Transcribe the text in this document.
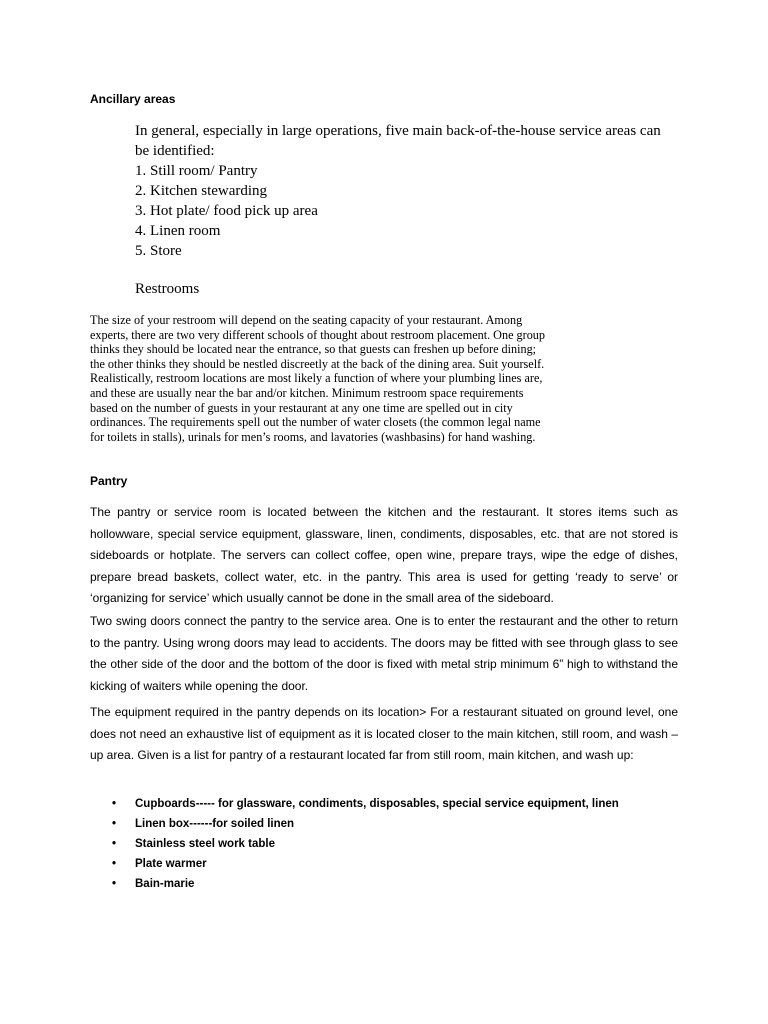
Ancillary areas

In general, especially in large operations, five main back-of-the-house service areas can be identified:

1. Still room/ Pantry
2. Kitchen stewarding
3. Hot plate/ food pick up area
4. Linen room
5. Store
Restrooms

The size of your restroom will depend on the seating capacity of your restaurant. Among experts, there are two very different schools of thought about restroom placement. One group thinks they should be located near the entrance, so that guests can freshen up before dining; the other thinks they should be nestled discreetly at the back of the dining area. Suit yourself. Realistically, restroom locations are most likely a function of where your plumbing lines are, and these are usually near the bar and/or kitchen. Minimum restroom space requirements based on the number of guests in your restaurant at any one time are spelled out in city ordinances. The requirements spell out the number of water closets (the common legal name for toilets in stalls), urinals for men’s rooms, and lavatories (washbasins) for hand washing.

Pantry

The pantry or service room is located between the kitchen and the restaurant. It stores items such as hollowware, special service equipment, glassware, linen, condiments, disposables, etc. that are not stored is sideboards or hotplate. The servers can collect coffee, open wine, prepare trays, wipe the edge of dishes, prepare bread baskets, collect water, etc. in the pantry. This area is used for getting ‘ready to serve’ or ‘organizing for service’ which usually cannot be done in the small area of the sideboard.

Two swing doors connect the pantry to the service area. One is to enter the restaurant and the other to return to the pantry. Using wrong doors may lead to accidents. The doors may be fitted with see through glass to see the other side of the door and the bottom of the door is fixed with metal strip minimum 6” high to withstand the kicking of waiters while opening the door.

The equipment required in the pantry depends on its location> For a restaurant situated on ground level, one does not need an exhaustive list of equipment as it is located closer to the main kitchen, still room, and wash –up area. Given is a list for pantry of a restaurant located far from still room, main kitchen, and wash up:

• Cupboards----- for glassware, condiments, disposables, special service equipment, linen
• Linen box------for soiled linen
• Stainless steel work table
• Plate warmer
• Bain-marie
